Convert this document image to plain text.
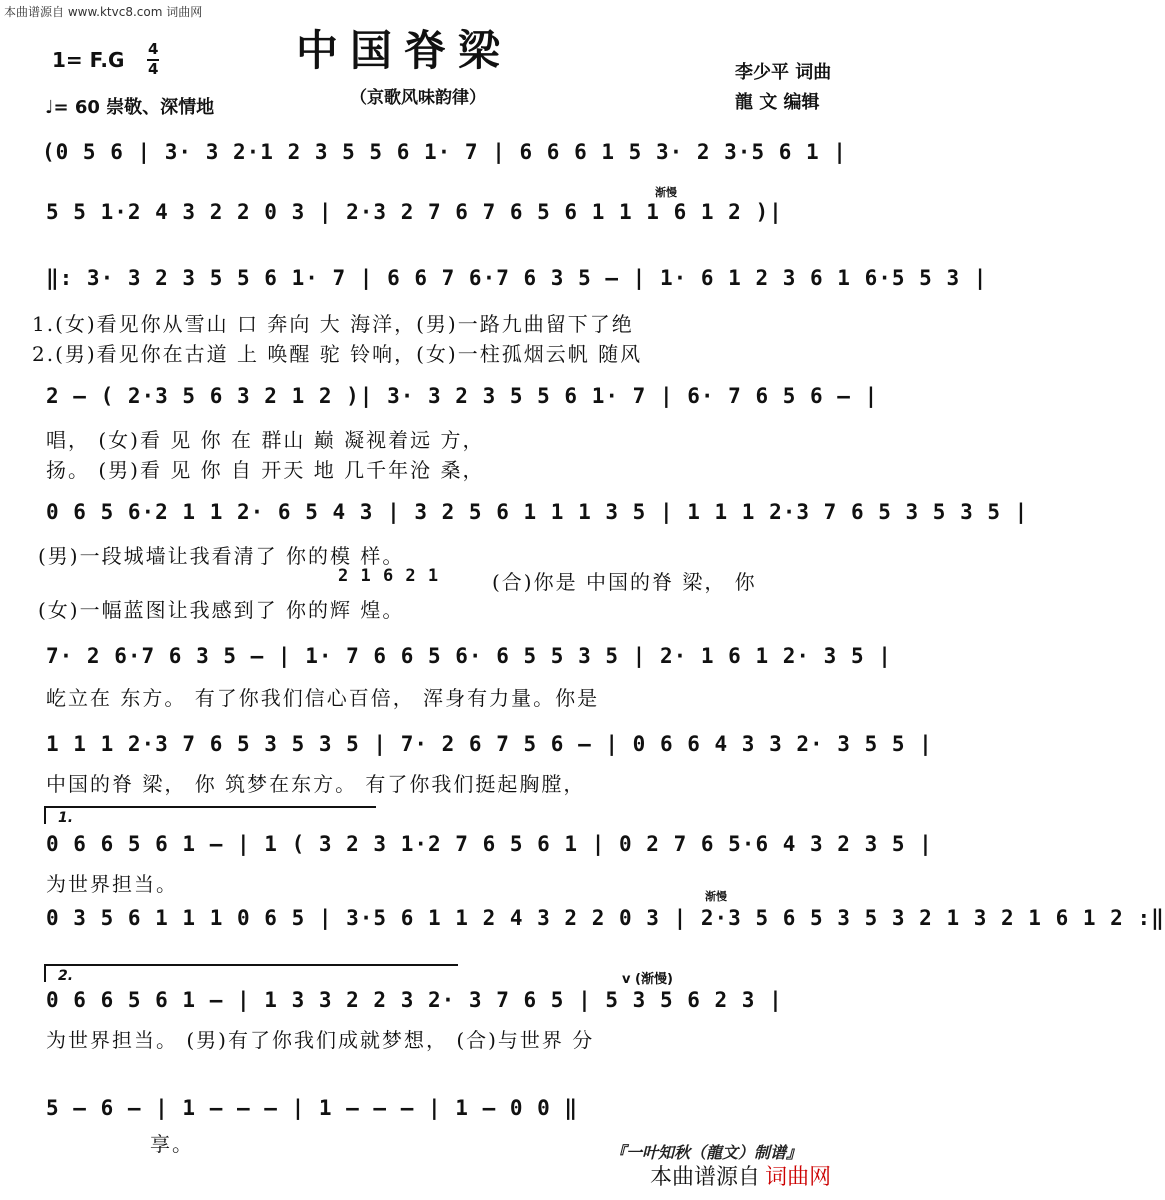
本曲谱源自 www.ktvc8.com 词曲网
中国脊梁
（京歌风味韵律）
1= F.G 4
4
♩= 60 崇敬、深情地
李少平 词曲
龍 文 编辑
(0 5 6 | 3· 3 2·1 2 3 5 5 6 1· 7 | 6 6 6 1 5 3· 2 3·5 6 1 |
渐慢
5 5 1·2 4 3 2 2 0 3 | 2·3 2 7 6 7 6 5 6 1 1 1 6 1 2 )|
‖: 3· 3 2 3 5 5 6 1· 7 | 6 6 7 6·7 6 3 5 – | 1· 6 1 2 3 6 1 6·5 5 3 |
1.(女)看见你从雪山 口 奔向 大 海洋，(男)一路九曲留下了绝
2.(男)看见你在古道 上 唤醒 驼 铃响，(女)一柱孤烟云帆 随风
2 – ( 2·3 5 6 3 2 1 2 )| 3· 3 2 3 5 5 6 1· 7 | 6· 7 6 5 6 – |
唱， (女)看 见 你 在 群山 巅 凝视着远 方，
扬。 (男)看 见 你 自 开天 地 几千年沧 桑，
0 6 5 6·2 1 1 2· 6 5 4 3 | 3 2 5 6 1 1 1 3 5 | 1 1 1 2·3 7 6 5 3 5 3 5 |
(男)一段城墙让我看清了 你的模 样。
2 1 6 2 1	(合)你是 中国的脊 梁， 你
(女)一幅蓝图让我感到了 你的辉 煌。
7· 2 6·7 6 3 5 – | 1· 7 6 6 5 6· 6 5 5 3 5 | 2· 1 6 1 2· 3 5 |
屹立在 东方。 有了你我们信心百倍， 浑身有力量。你是
1 1 1 2·3 7 6 5 3 5 3 5 | 7· 2 6 7 5 6 – | 0 6 6 4 3 3 2· 3 5 5 |
中国的脊 梁， 你 筑梦在东方。 有了你我们挺起胸膛，
1.
0 6 6 5 6 1 – | 1 ( 3 2 3 1·2 7 6 5 6 1 | 0 2 7 6 5·6 4 3 2 3 5 |
为世界担当。
渐慢
0 3 5 6 1 1 1 0 6 5 | 3·5 6 1 1 2 4 3 2 2 0 3 | 2·3 5 6 5 3 5 3 2 1 3 2 1 6 1 2 :‖
2.	v (渐慢)
0 6 6 5 6 1 – | 1 3 3 2 2 3 2· 3 7 6 5 | 5 3 5 6 2 3 |
为世界担当。 (男)有了你我们成就梦想， (合)与世界 分
5 – 6 – | 1 – – – | 1 – – – | 1 – 0 0 ‖
享。	『一叶知秋（龍文）制谱』
本曲谱源自 词曲网
